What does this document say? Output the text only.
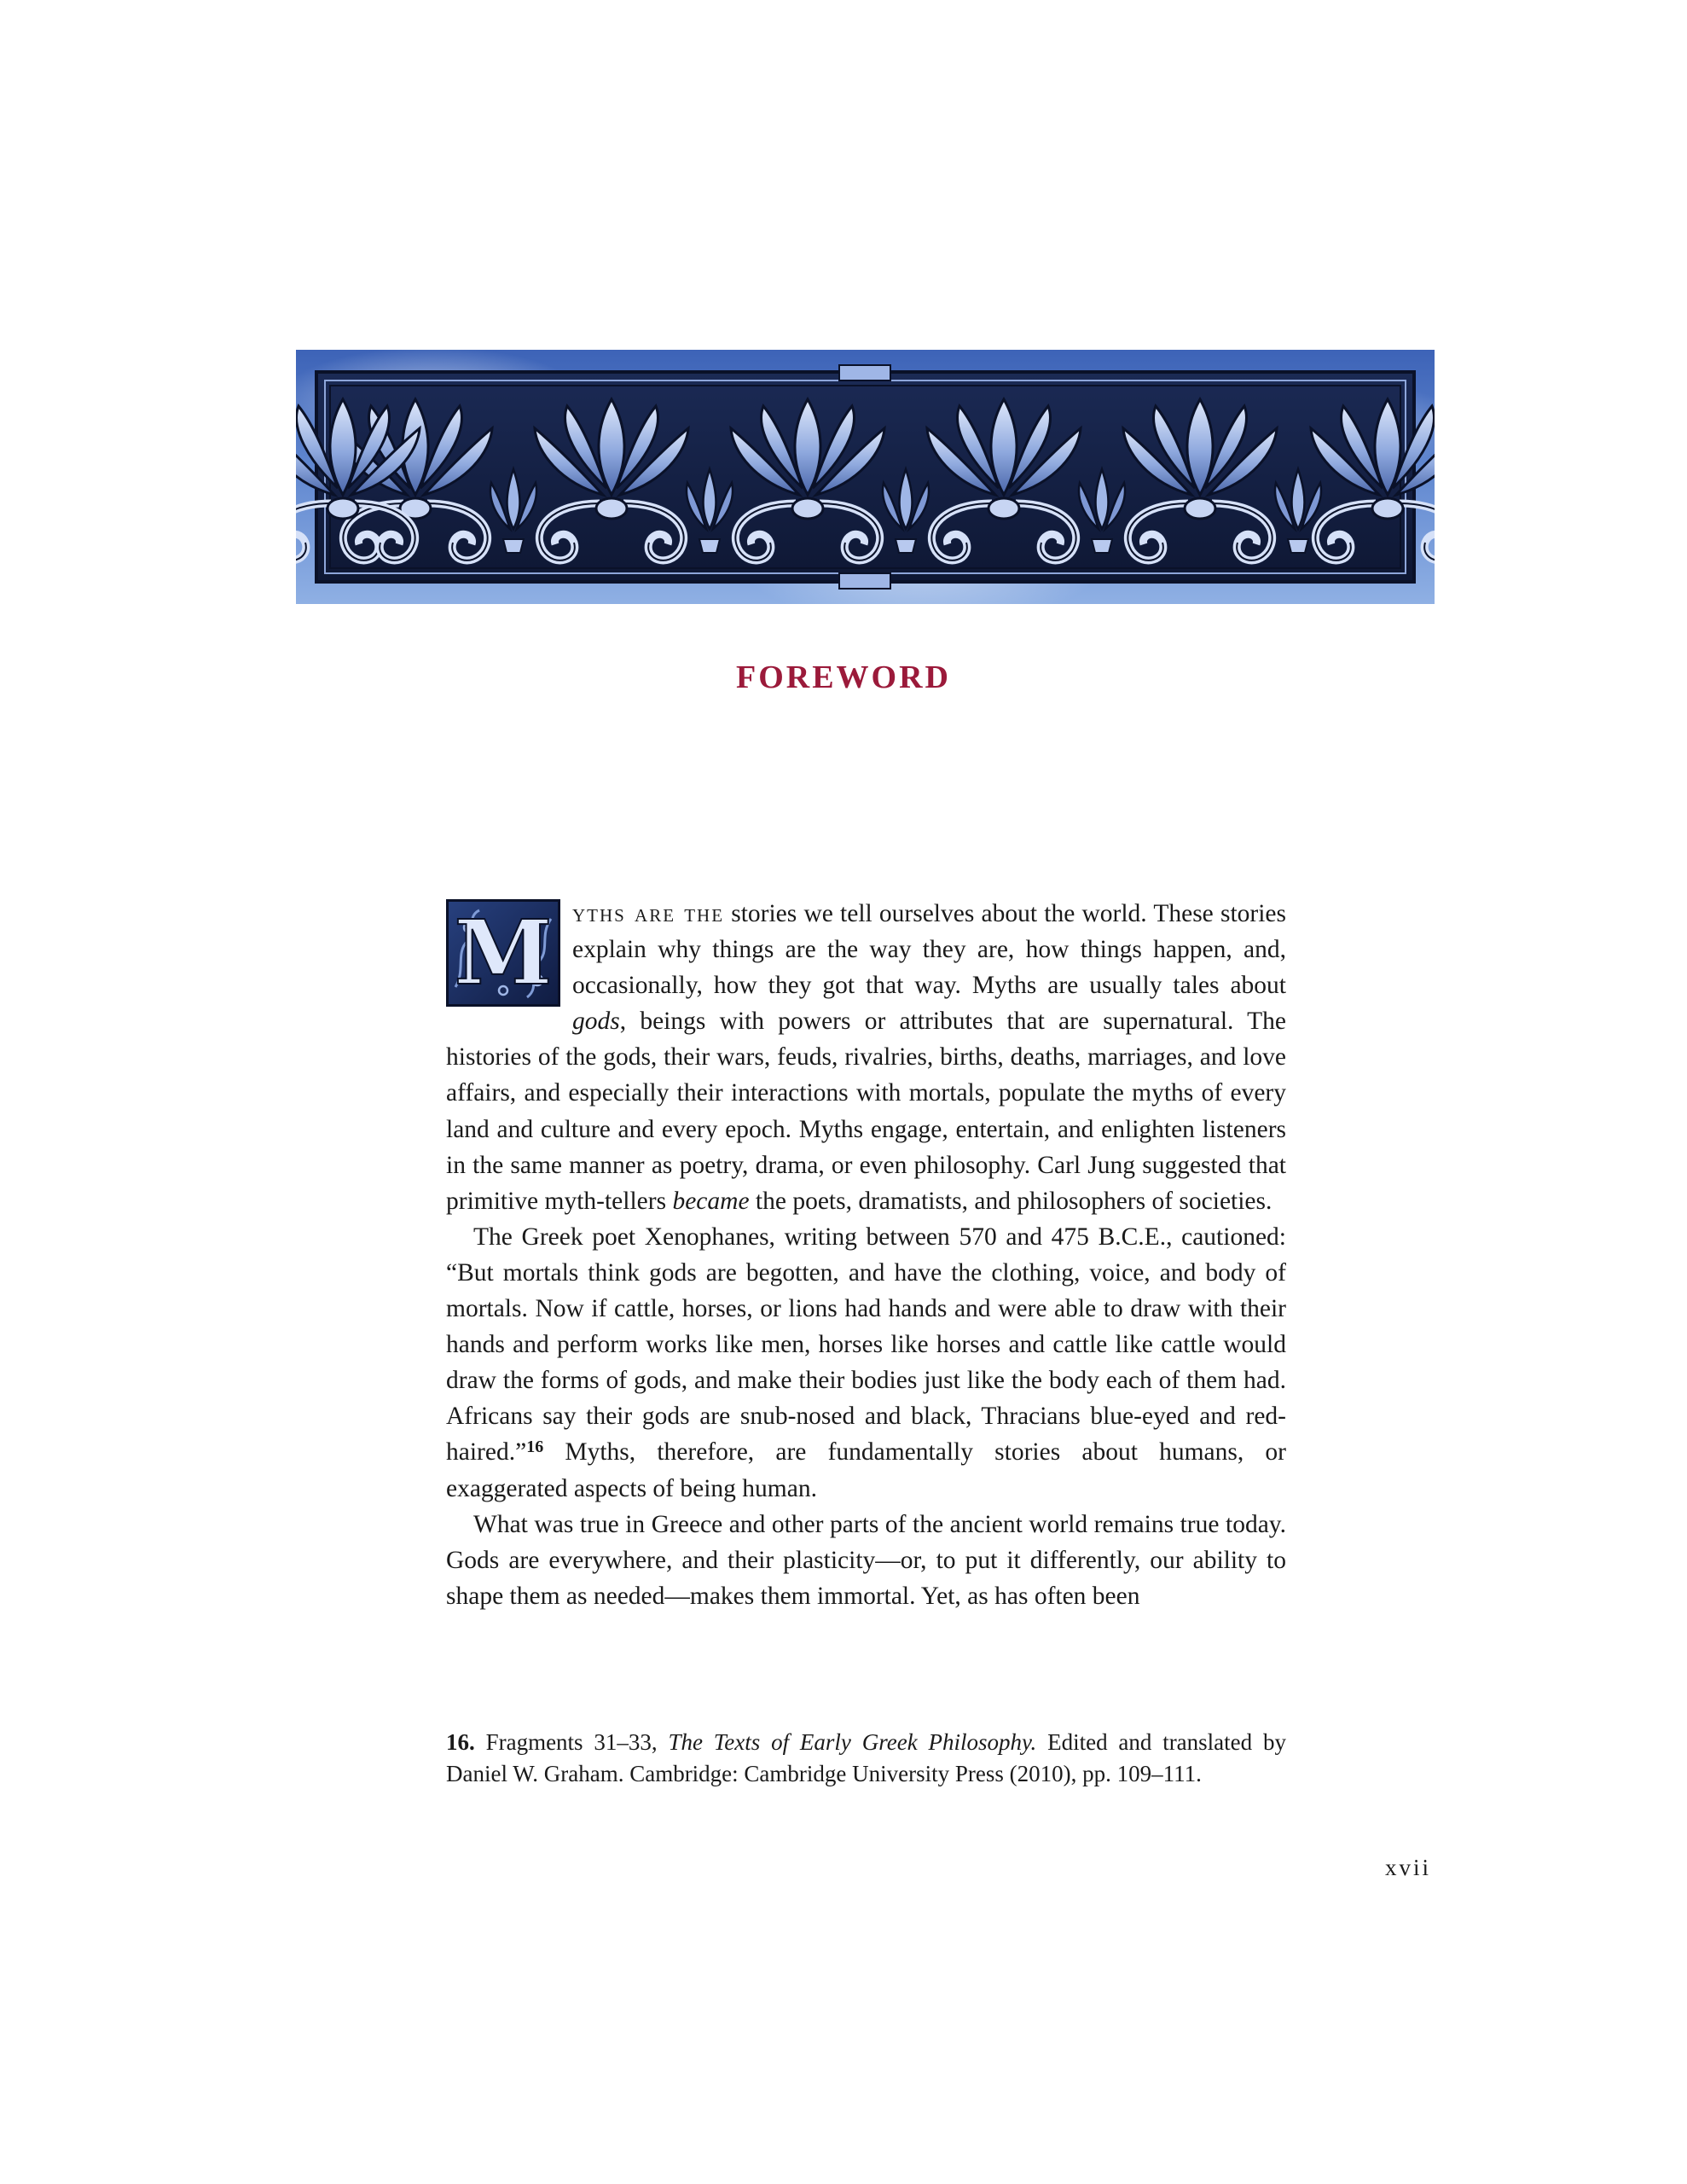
FOREWORD

M yths are the stories we tell ourselves about the world. These stories explain why things are the way they are, how things happen, and, occasionally, how they got that way. Myths are usually tales about gods, beings with powers or attributes that are supernatural. The histories of the gods, their wars, feuds, rivalries, births, deaths, marriages, and love affairs, and especially their interactions with mortals, populate the myths of every land and culture and every epoch. Myths engage, entertain, and enlighten listeners in the same manner as poetry, drama, or even philosophy. Carl Jung suggested that primitive myth-tellers became the poets, dramatists, and philosophers of societies.

The Greek poet Xenophanes, writing between 570 and 475 B.C.E., cautioned: “But mortals think gods are begotten, and have the clothing, voice, and body of mortals. Now if cattle, horses, or lions had hands and were able to draw with their hands and perform works like men, horses like horses and cattle like cattle would draw the forms of gods, and make their bodies just like the body each of them had. Africans say their gods are snub-nosed and black, Thracians blue-eyed and red-haired.”$^{16}$ Myths, therefore, are fundamentally stories about humans, or exaggerated aspects of being human.

What was true in Greece and other parts of the ancient world remains true today. Gods are everywhere, and their plasticity—or, to put it differently, our ability to shape them as needed—makes them immortal. Yet, as has often been

16. Fragments 31–33, The Texts of Early Greek Philosophy. Edited and translated by Daniel W. Graham. Cambridge: Cambridge University Press (2010), pp. 109–111.
xvii
